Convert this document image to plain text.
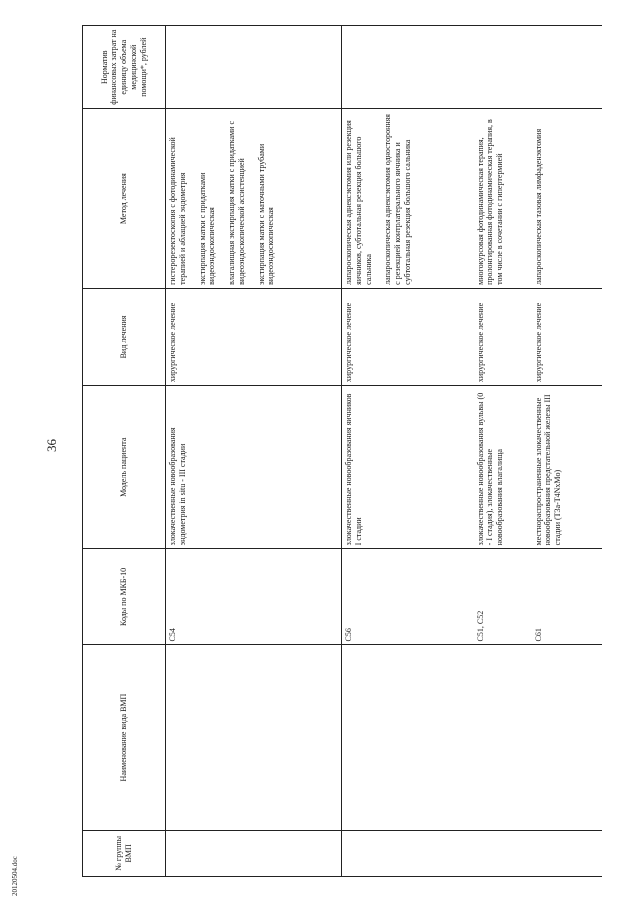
36
20120504.doc
№ группы ВМП	Наименование вида ВМП	Коды по МКБ-10	Модель пациента	Вид лечения	Метод лечения	Норматив финансовых затрат на единицу объема медицинской помощи*, рублей
		C54	злокачественные новообразования эндометрия in situ - III стадии	хирургическое лечение	гистерорезектоскопия с фотодинамической терапией и аблацией эндометрия экстирпация матки с придатками видеоэндоскопическая влагалищная экстирпация матки с придатками с видеоэндоскопической ассистенцией экстирпация матки с маточными трубами видеоэндоскопическая	

		C56	злокачественные новообразования яичников I стадии	хирургическое лечение	лапароскопическая аднексэктомия или резекция яичников, субтотальная резекция большого сальника лапароскопическая аднексэктомия односторонняя с резекцией контрлатерального яичника и субтотальная резекция большого сальника	

		C51, C52	злокачественные новообразования вульвы (0 - I стадия), злокачественные новообразования влагалища	хирургическое лечение	многокурсовая фотодинамическая терапия, пролонгированная фотодинамическая терапия, в том числе в сочетании с гипертермией	

		C61	местнораспространенные злокачественные новообразования предстательной железы III стадии (T3a-T4NxMo)	хирургическое лечение	лапароскопическая тазовая лимфаденэктомия	
